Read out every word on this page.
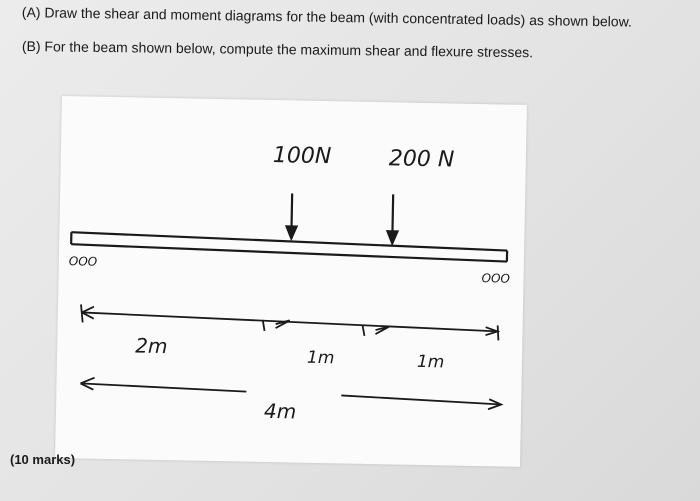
(A) Draw the shear and moment diagrams for the beam (with concentrated loads) as shown below.
(B) For the beam shown below, compute the maximum shear and flexure stresses.
100N	200 N
OOO
OOO
2m	1m	1m
4m
(10 marks)
